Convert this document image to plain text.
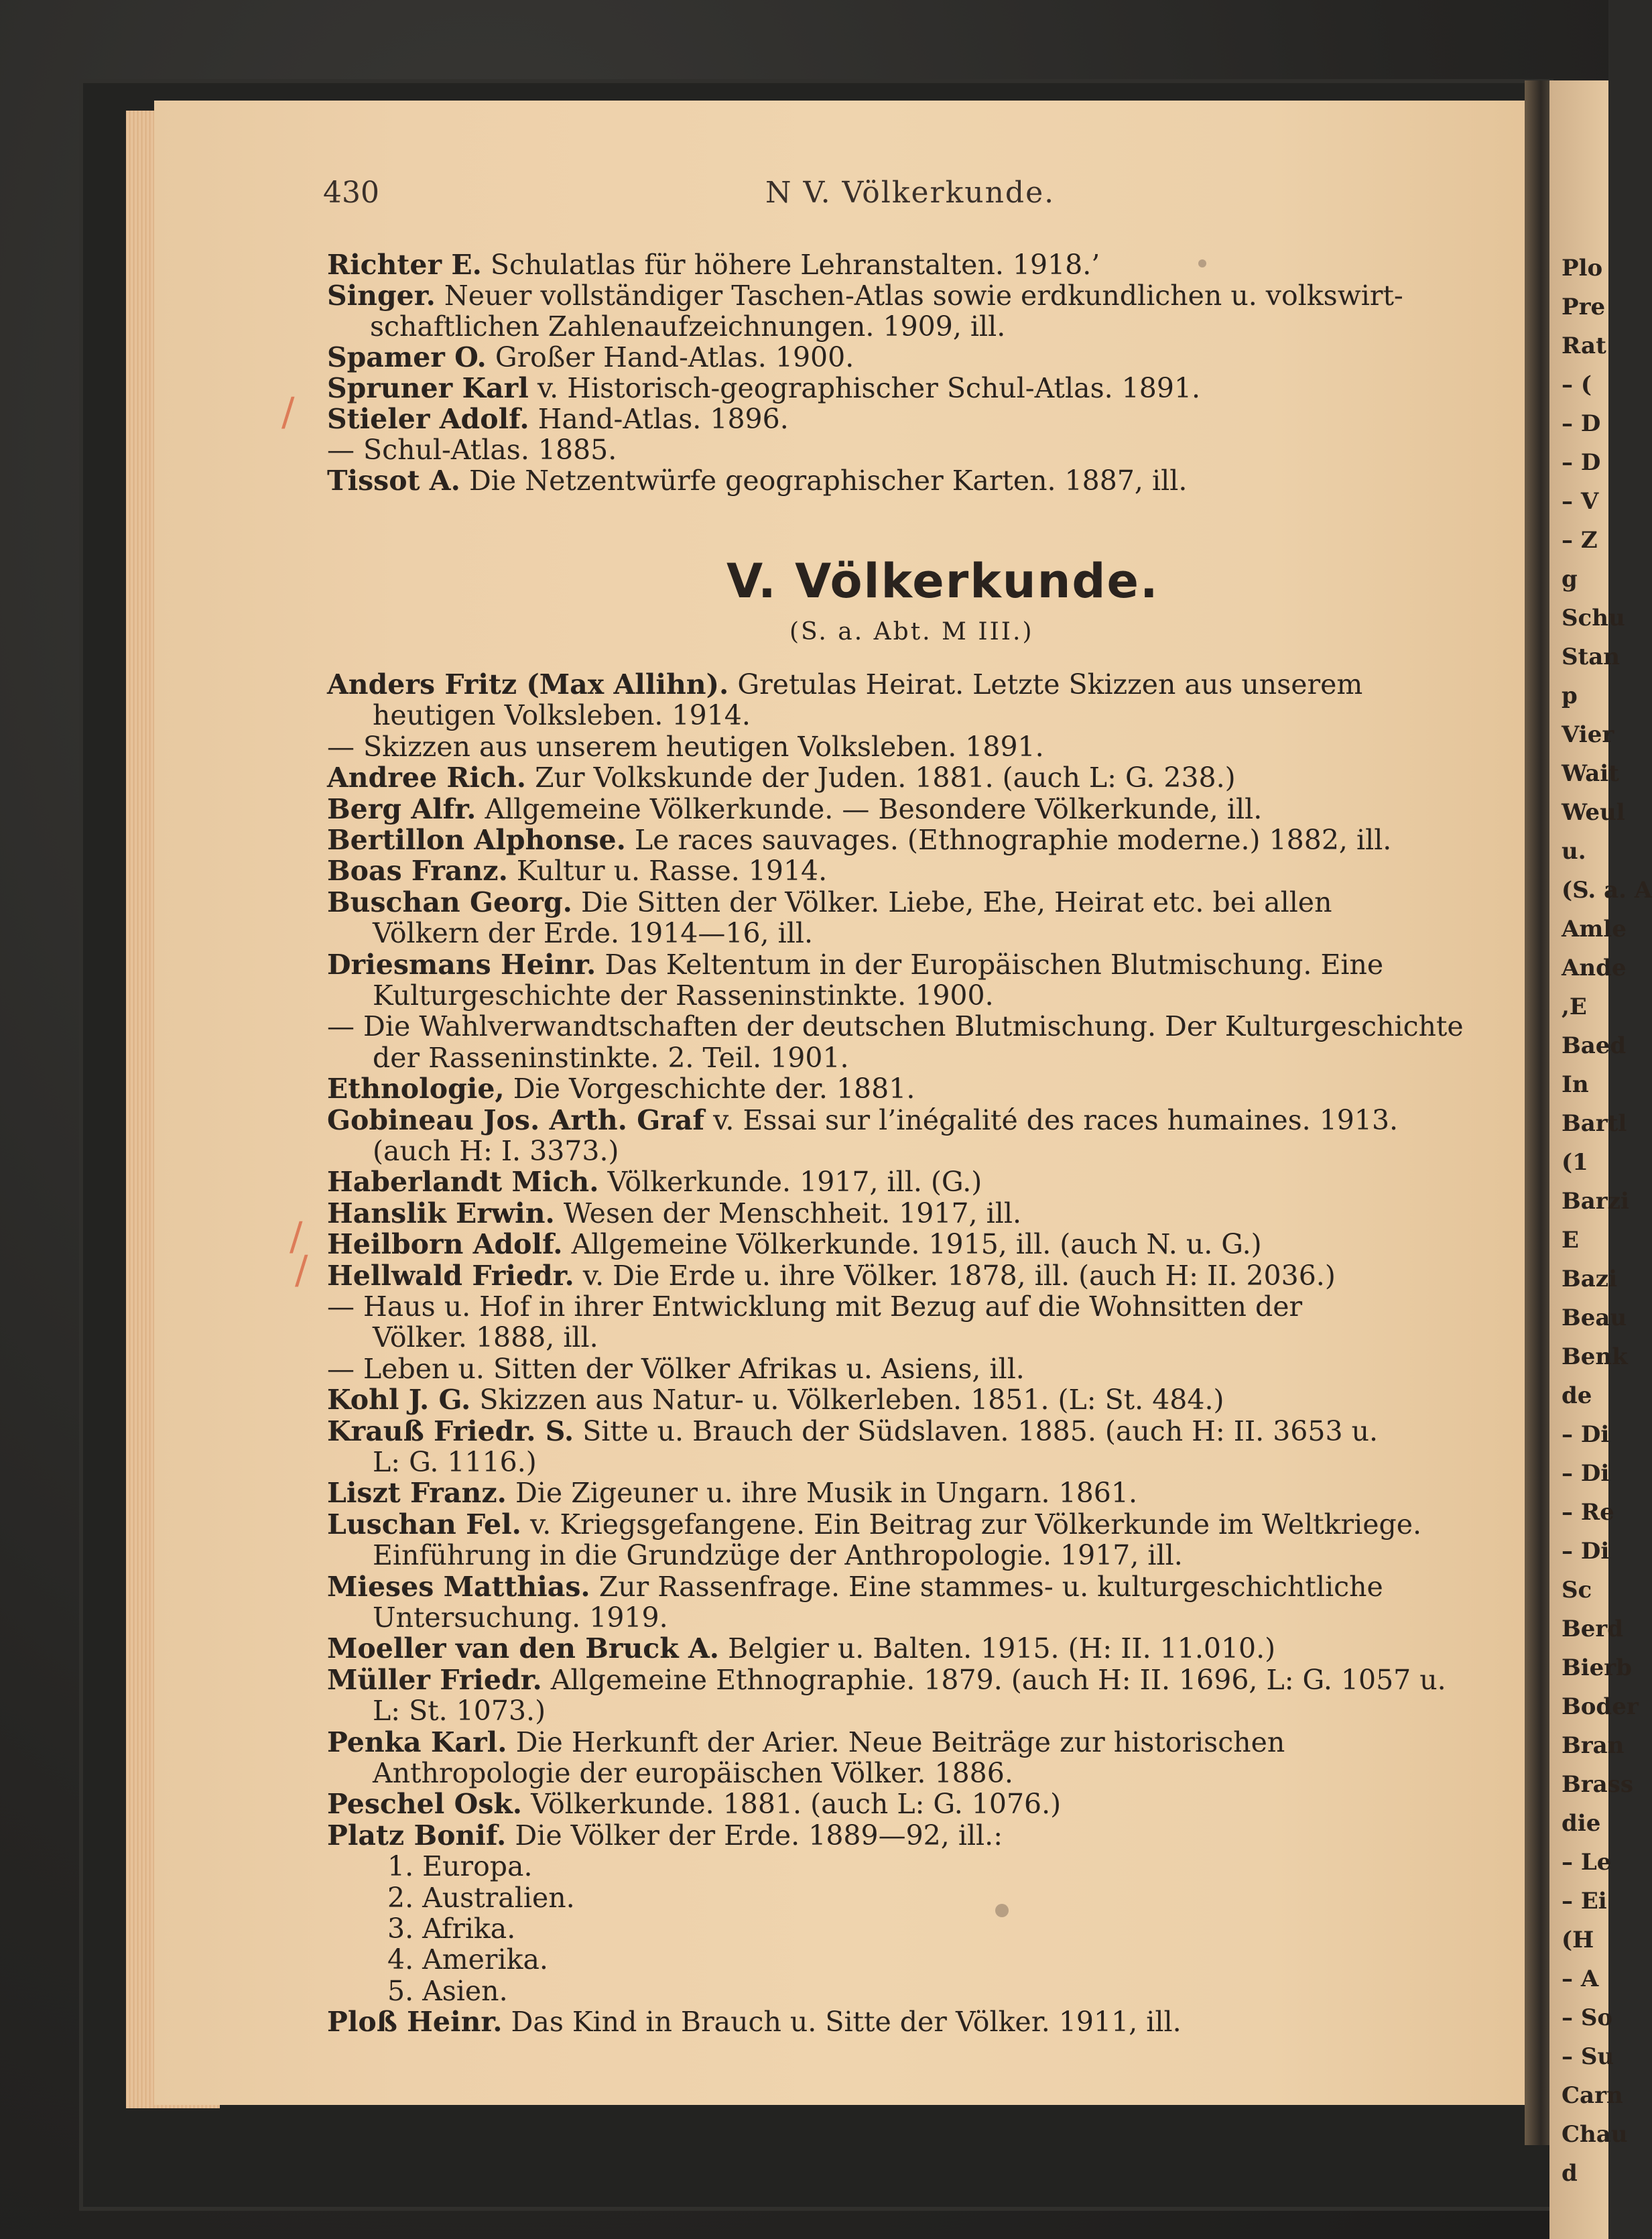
Plo
Pre
Rat
– (
– D
– D
– V
– Z
g
Schu
Stan
p
Vier
Wait
Weul
u.
(S. a. A
Amle
Ande
,E
Baed
In
Bartl
(1
Barzi
E
Bazi
Beau
Benk
de
– Di
– Di
– Re
– Di
Sc
Berd
Bierb
Boder
Bran
Brass
die
– Le
– Ei
(H
– A
– So
– Su
Carn
Chau
d
430	N V. Völkerkunde.
Richter E. Schulatlas für höhere Lehranstalten. 1918.’
Singer. Neuer vollständiger Taschen-Atlas sowie erdkundlichen u. volkswirt-
schaftlichen Zahlenaufzeichnungen. 1909, ill.
Spamer O. Großer Hand-Atlas. 1900.
Spruner Karl v. Historisch-geographischer Schul-Atlas. 1891.
Stieler Adolf. Hand-Atlas. 1896.
— Schul-Atlas. 1885.
Tissot A. Die Netzentwürfe geographischer Karten. 1887, ill.
V. Völkerkunde.
(S. a. Abt. M III.)
Anders Fritz (Max Allihn). Gretulas Heirat. Letzte Skizzen aus unserem
heutigen Volksleben. 1914.
— Skizzen aus unserem heutigen Volksleben. 1891.
Andree Rich. Zur Volkskunde der Juden. 1881. (auch L: G. 238.)
Berg Alfr. Allgemeine Völkerkunde. — Besondere Völkerkunde, ill.
Bertillon Alphonse. Le races sauvages. (Ethnographie moderne.) 1882, ill.
Boas Franz. Kultur u. Rasse. 1914.
Buschan Georg. Die Sitten der Völker. Liebe, Ehe, Heirat etc. bei allen
Völkern der Erde. 1914—16, ill.
Driesmans Heinr. Das Keltentum in der Europäischen Blutmischung. Eine
Kulturgeschichte der Rasseninstinkte. 1900.
— Die Wahlverwandtschaften der deutschen Blutmischung. Der Kulturgeschichte
der Rasseninstinkte. 2. Teil. 1901.
Ethnologie, Die Vorgeschichte der. 1881.
Gobineau Jos. Arth. Graf v. Essai sur l’inégalité des races humaines. 1913.
(auch H: I. 3373.)
Haberlandt Mich. Völkerkunde. 1917, ill. (G.)
Hanslik Erwin. Wesen der Menschheit. 1917, ill.
Heilborn Adolf. Allgemeine Völkerkunde. 1915, ill. (auch N. u. G.)
Hellwald Friedr. v. Die Erde u. ihre Völker. 1878, ill. (auch H: II. 2036.)
— Haus u. Hof in ihrer Entwicklung mit Bezug auf die Wohnsitten der
Völker. 1888, ill.
— Leben u. Sitten der Völker Afrikas u. Asiens, ill.
Kohl J. G. Skizzen aus Natur- u. Völkerleben. 1851. (L: St. 484.)
Krauß Friedr. S. Sitte u. Brauch der Südslaven. 1885. (auch H: II. 3653 u.
L: G. 1116.)
Liszt Franz. Die Zigeuner u. ihre Musik in Ungarn. 1861.
Luschan Fel. v. Kriegsgefangene. Ein Beitrag zur Völkerkunde im Weltkriege.
Einführung in die Grundzüge der Anthropologie. 1917, ill.
Mieses Matthias. Zur Rassenfrage. Eine stammes- u. kulturgeschichtliche
Untersuchung. 1919.
Moeller van den Bruck A. Belgier u. Balten. 1915. (H: II. 11.010.)
Müller Friedr. Allgemeine Ethnographie. 1879. (auch H: II. 1696, L: G. 1057 u.
L: St. 1073.)
Penka Karl. Die Herkunft der Arier. Neue Beiträge zur historischen
Anthropologie der europäischen Völker. 1886.
Peschel Osk. Völkerkunde. 1881. (auch L: G. 1076.)
Platz Bonif. Die Völker der Erde. 1889—92, ill.:
1. Europa.
2. Australien.
3. Afrika.
4. Amerika.
5. Asien.
Ploß Heinr. Das Kind in Brauch u. Sitte der Völker. 1911, ill.
/
/
/
